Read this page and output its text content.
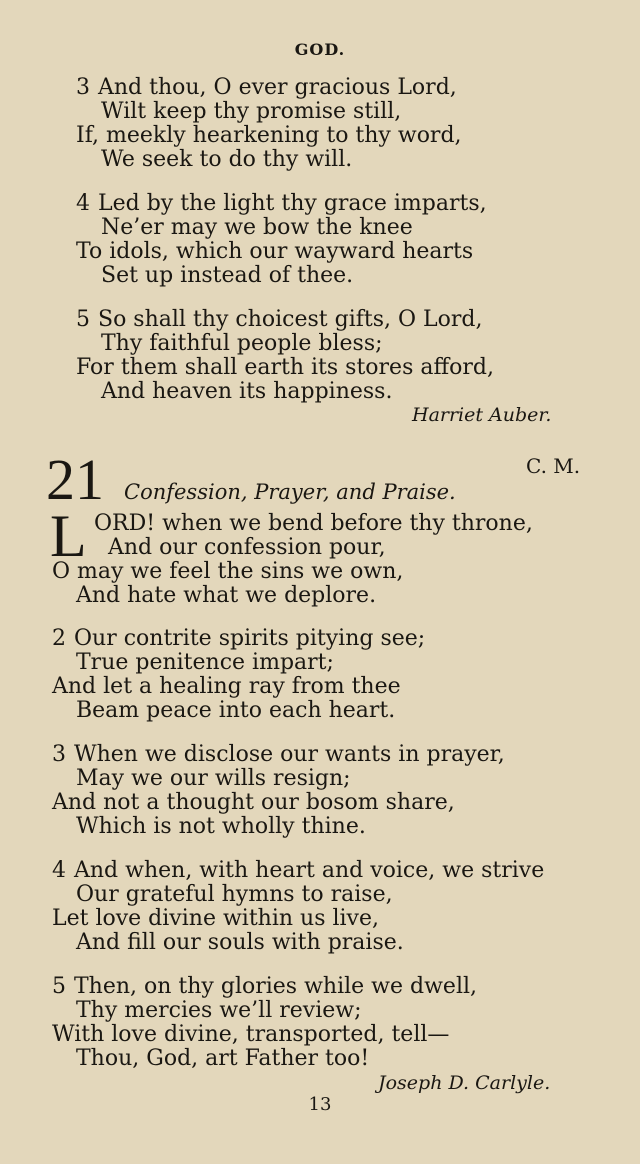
GOD.
3 And thou, O ever gracious Lord,
Wilt keep thy promise still,
If, meekly hearkening to thy word,
We seek to do thy will.
4 Led by the light thy grace imparts,
Ne’er may we bow the knee
To idols, which our wayward hearts
Set up instead of thee.
5 So shall thy choicest gifts, O Lord,
Thy faithful people bless;
For them shall earth its stores afford,
And heaven its happiness.
Harriet Auber.
21	C. M.
Confession, Prayer, and Praise.
L ORD! when we bend before thy throne,
And our confession pour,
O may we feel the sins we own,
And hate what we deplore.
2 Our contrite spirits pitying see;
True penitence impart;
And let a healing ray from thee
Beam peace into each heart.
3 When we disclose our wants in prayer,
May we our wills resign;
And not a thought our bosom share,
Which is not wholly thine.
4 And when, with heart and voice, we strive
Our grateful hymns to raise,
Let love divine within us live,
And fill our souls with praise.
5 Then, on thy glories while we dwell,
Thy mercies we’ll review;
With love divine, transported, tell—
Thou, God, art Father too!
Joseph D. Carlyle.
13
